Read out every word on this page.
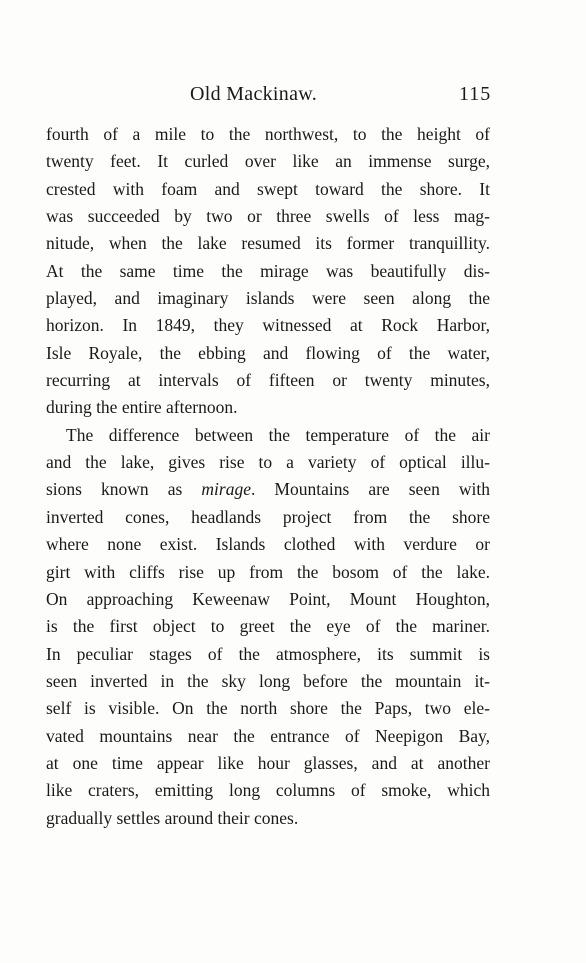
Old Mackinaw.	115
fourth of a mile to the northwest, to the height of
twenty feet. It curled over like an immense surge,
crested with foam and swept toward the shore. It
was succeeded by two or three swells of less mag-
nitude, when the lake resumed its former tranquillity.
At the same time the mirage was beautifully dis-
played, and imaginary islands were seen along the
horizon. In 1849, they witnessed at Rock Harbor,
Isle Royale, the ebbing and flowing of the water,
recurring at intervals of fifteen or twenty minutes,
during the entire afternoon.
The difference between the temperature of the air
and the lake, gives rise to a variety of optical illu-
sions known as mirage. Mountains are seen with
inverted cones, headlands project from the shore
where none exist. Islands clothed with verdure or
girt with cliffs rise up from the bosom of the lake.
On approaching Keweenaw Point, Mount Houghton,
is the first object to greet the eye of the mariner.
In peculiar stages of the atmosphere, its summit is
seen inverted in the sky long before the mountain it-
self is visible. On the north shore the Paps, two ele-
vated mountains near the entrance of Neepigon Bay,
at one time appear like hour glasses, and at another
like craters, emitting long columns of smoke, which
gradually settles around their cones.
